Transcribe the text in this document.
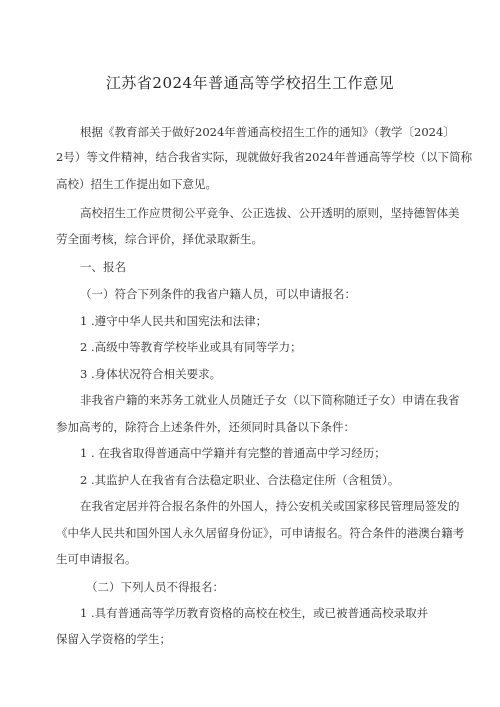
江苏省2024年普通高等学校招生工作意见
根据《教育部关于做好2024年普通高校招生工作的通知》（教学〔2024〕
2号）等文件精神，结合我省实际，现就做好我省2024年普通高等学校（以下简称
高校）招生工作提出如下意见。
高校招生工作应贯彻公平竞争、公正选拔、公开透明的原则，坚持德智体美
劳全面考核，综合评价，择优录取新生。
一、报名
（一）符合下列条件的我省户籍人员，可以申请报名：
1 .遵守中华人民共和国宪法和法律；
2 .高级中等教育学校毕业或具有同等学力；
3 .身体状况符合相关要求。
非我省户籍的来苏务工就业人员随迁子女（以下简称随迁子女）申请在我省
参加高考的，除符合上述条件外，还须同时具备以下条件：
1 . 在我省取得普通高中学籍并有完整的普通高中学习经历；
2 .其监护人在我省有合法稳定职业、合法稳定住所（含租赁）。
在我省定居并符合报名条件的外国人，持公安机关或国家移民管理局签发的
《中华人民共和国外国人永久居留身份证》，可申请报名。符合条件的港澳台籍考
生可申请报名。
（二）下列人员不得报名：
1 .具有普通高等学历教育资格的高校在校生，或已被普通高校录取并
保留入学资格的学生；
